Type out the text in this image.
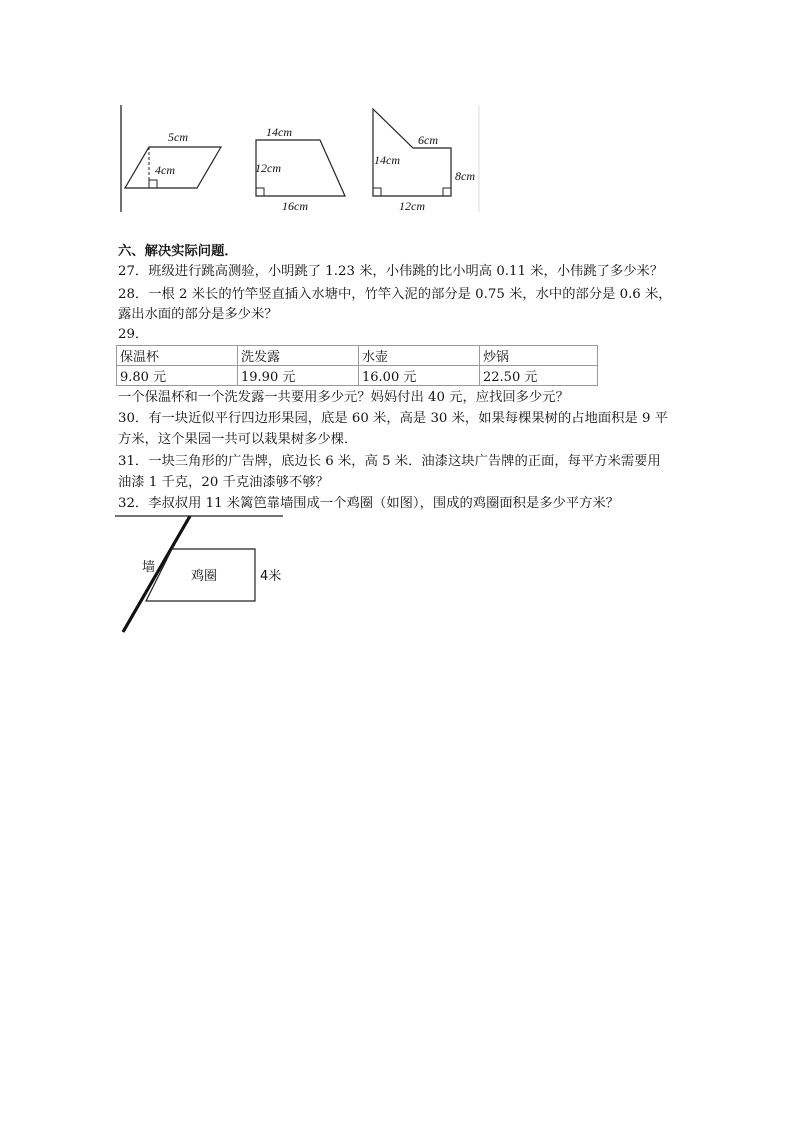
5cm
4cm
14cm
12cm
16cm
6cm
14cm
8cm
12cm
六、解决实际问题．
27．班级进行跳高测验，小明跳了 1.23 米，小伟跳的比小明高 0.11 米，小伟跳了多少米？
28．一根 2 米长的竹竿竖直插入水塘中，竹竿入泥的部分是 0.75 米，水中的部分是 0.6 米，
露出水面的部分是多少米？
29．
保温杯	洗发露	水壶	炒锅
9.80 元	19.90 元	16.00 元	22.50 元
一个保温杯和一个洗发露一共要用多少元？妈妈付出 40 元，应找回多少元？
30．有一块近似平行四边形果园，底是 60 米，高是 30 米，如果每棵果树的占地面积是 9 平
方米，这个果园一共可以栽果树多少棵．
31．一块三角形的广告牌，底边长 6 米，高 5 米．油漆这块广告牌的正面，每平方米需要用
油漆 1 千克，20 千克油漆够不够？
32．李叔叔用 11 米篱笆靠墙围成一个鸡圈（如图），围成的鸡圈面积是多少平方米？
墙
鸡圈	4米
